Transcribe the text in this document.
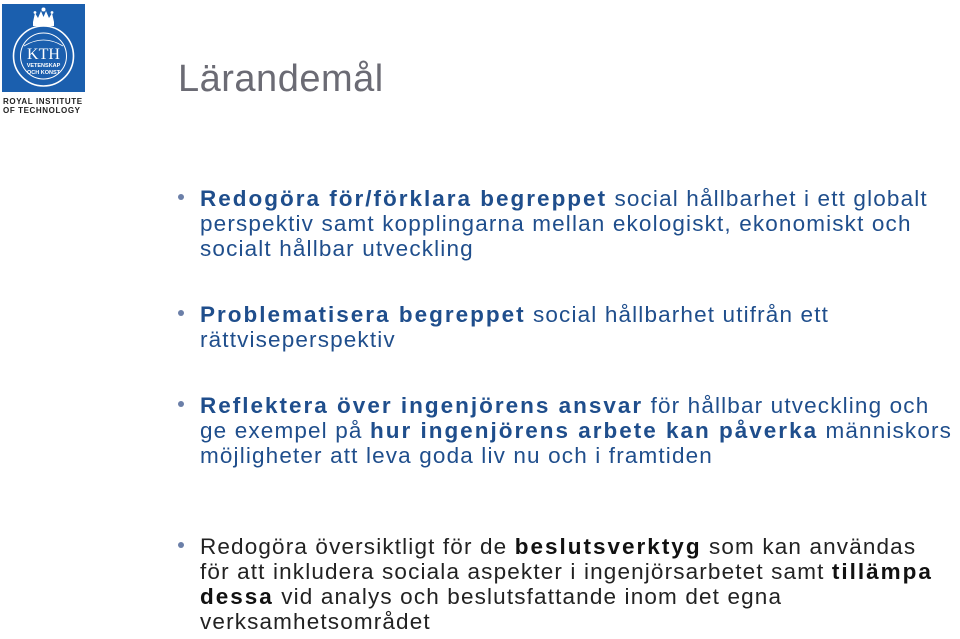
VETENSKAP
OCH KONST
KTH
ROYAL INSTITUTE
OF TECHNOLOGY
Lärandemål
Redogöra för/förklara begreppet social hållbarhet i ett globalt perspektiv samt kopplingarna mellan ekologiskt, ekonomiskt och socialt hållbar utveckling
Problematisera begreppet social hållbarhet utifrån ett rättviseperspektiv
Reflektera över ingenjörens ansvar för hållbar utveckling och ge exempel på hur ingenjörens arbete kan påverka människors möjligheter att leva goda liv nu och i framtiden
Redogöra översiktligt för de beslutsverktyg som kan användas för att inkludera sociala aspekter i ingenjörsarbetet samt tillämpa dessa vid analys och beslutsfattande inom det egna verksamhetsområdet
